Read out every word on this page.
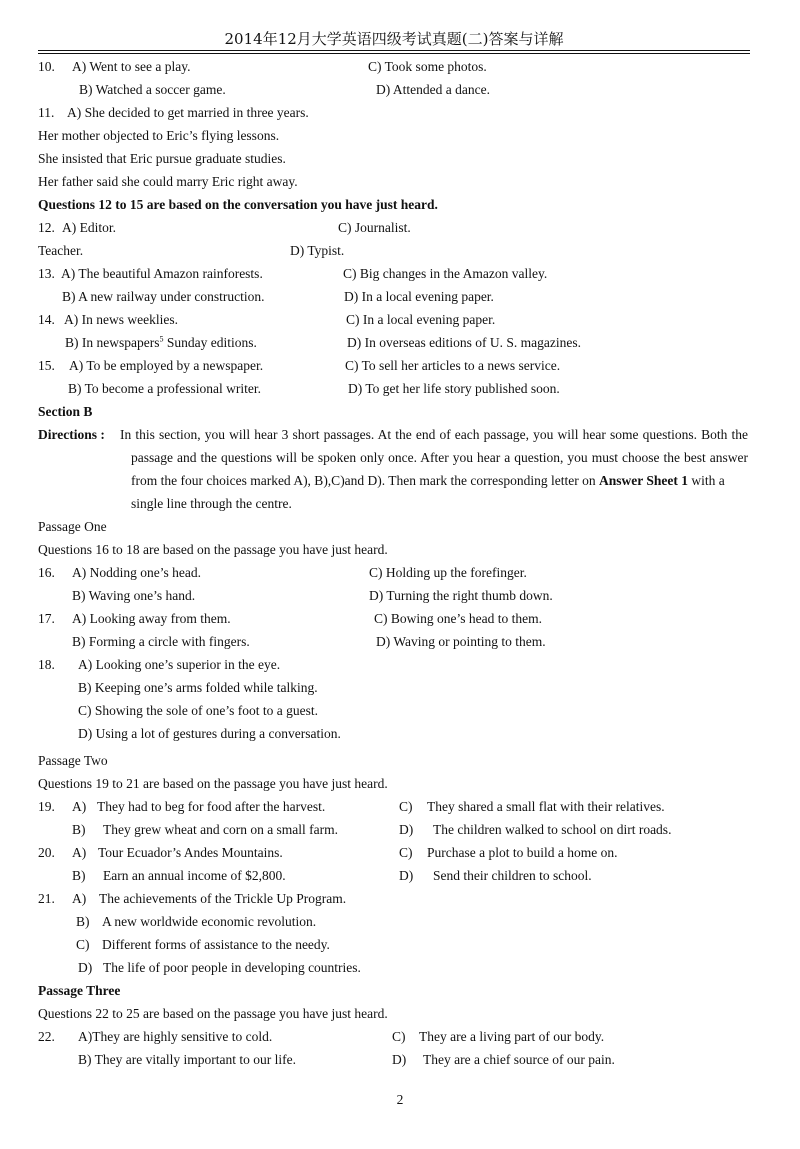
2014年12月大学英语四级考试真题(二)答案与详解
10. A) Went to see a play.	C) Took some photos.
B) Watched a soccer game.	D) Attended a dance.
11. A) She decided to get married in three years.
Her mother objected to Eric’s flying lessons.
She insisted that Eric pursue graduate studies.
Her father said she could marry Eric right away.
Questions 12 to 15 are based on the conversation you have just heard.
12. A) Editor.	C) Journalist.
Teacher.	D) Typist.
13. A) The beautiful Amazon rainforests.	C) Big changes in the Amazon valley.
B) A new railway under construction.	D) In a local evening paper.
14. A) In news weeklies.	C) In a local evening paper.
B) In newspapers$^5$ Sunday editions.	D) In overseas editions of U. S. magazines.
15. A) To be employed by a newspaper.	C) To sell her articles to a news service.
B) To become a professional writer.	D) To get her life story published soon.
Section B
Directions : In this section, you will hear 3 short passages. At the end of each passage, you will hear some questions. Both the
passage and the questions will be spoken only once. After you hear a question, you must choose the best answer
from the four choices marked A), B),C)and D). Then mark the corresponding letter on Answer Sheet 1 with a
single line through the centre.
Passage One
Questions 16 to 18 are based on the passage you have just heard.
16. A) Nodding one’s head.	C) Holding up the forefinger.
B) Waving one’s hand.	D) Turning the right thumb down.
17. A) Looking away from them.	C) Bowing one’s head to them.
B) Forming a circle with fingers.	D) Waving or pointing to them.
18. A) Looking one’s superior in the eye.
B) Keeping one’s arms folded while talking.
C) Showing the sole of one’s foot to a guest.
D) Using a lot of gestures during a conversation.
Passage Two
Questions 19 to 21 are based on the passage you have just heard.
19. A) They had to beg for food after the harvest.	C) They shared a small flat with their relatives.
B) They grew wheat and corn on a small farm.	D) The children walked to school on dirt roads.
20. A) Tour Ecuador’s Andes Mountains.	C) Purchase a plot to build a home on.
B) Earn an annual income of $2,800.	D) Send their children to school.
21. A) The achievements of the Trickle Up Program.
B) A new worldwide economic revolution.
C) Different forms of assistance to the needy.
D) The life of poor people in developing countries.
Passage Three
Questions 22 to 25 are based on the passage you have just heard.
22. A)They are highly sensitive to cold.	C) They are a living part of our body.
B) They are vitally important to our life.	D) They are a chief source of our pain.
2
